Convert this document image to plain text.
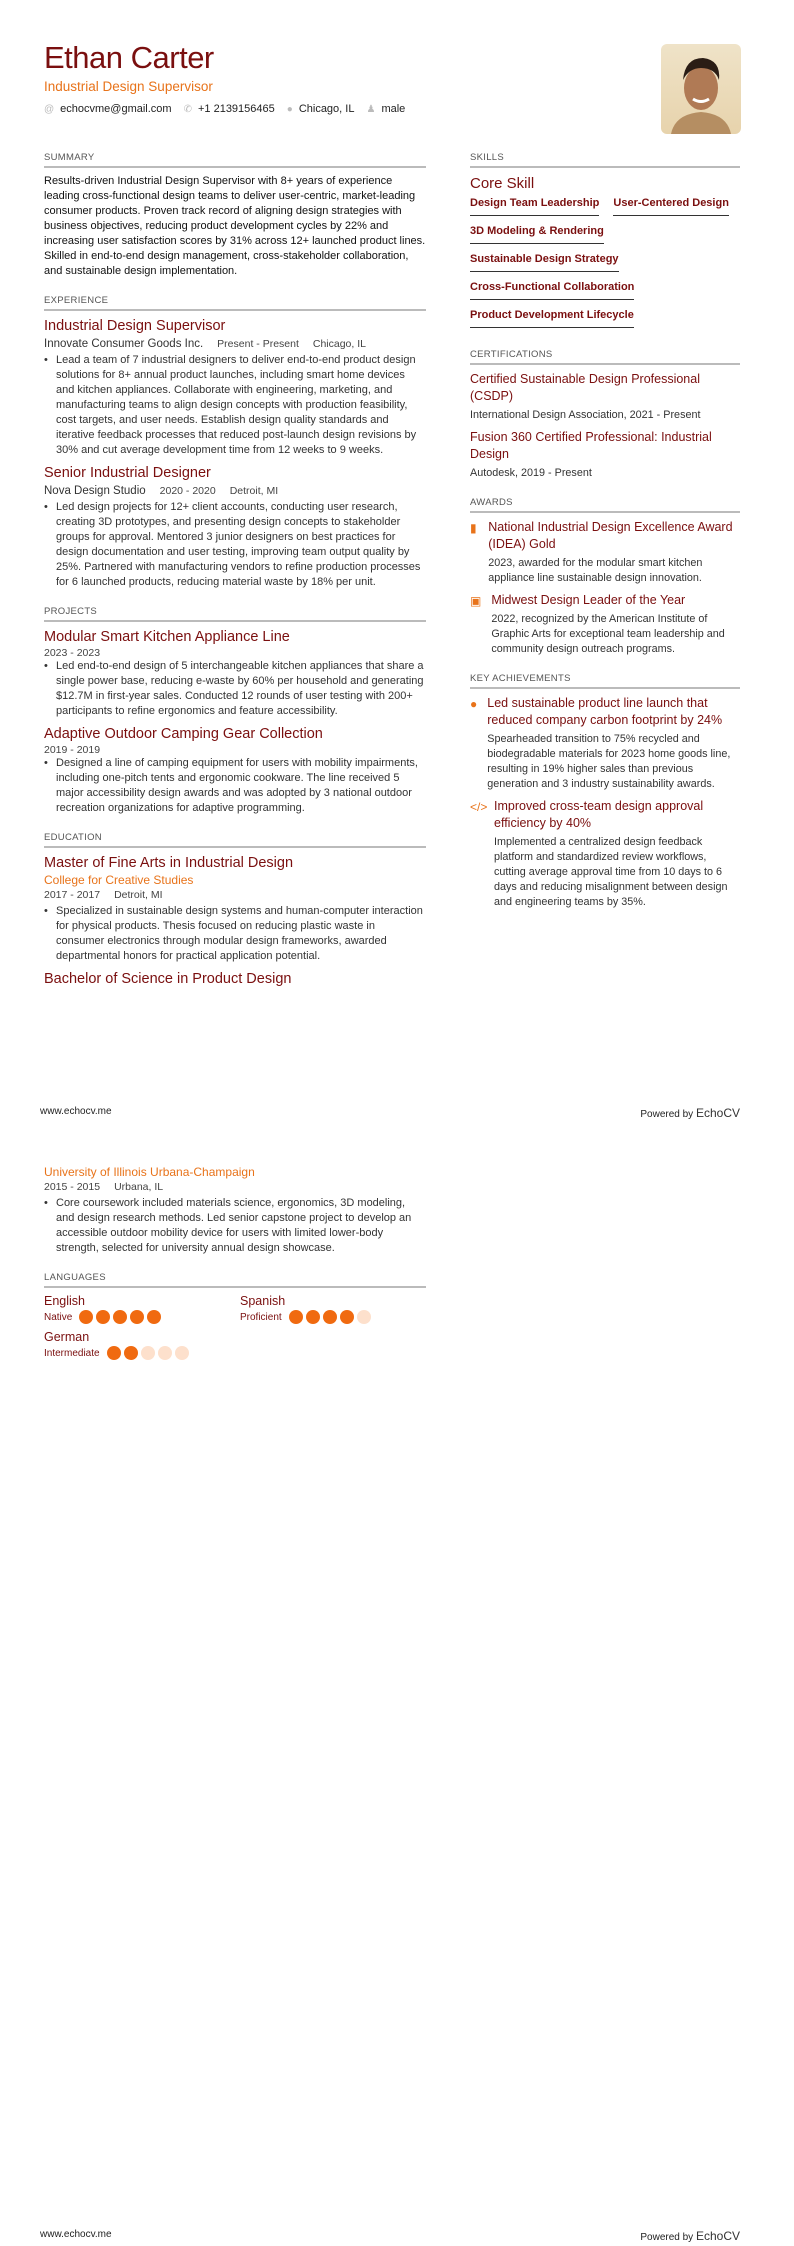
Ethan Carter
Industrial Design Supervisor
@ echocvme@gmail.com ✆ +1 2139156465 ● Chicago, IL ♟ male
SUMMARY
Results-driven Industrial Design Supervisor with 8+ years of experience leading cross-functional design teams to deliver user-centric, market-leading consumer products. Proven track record of aligning design strategies with business objectives, reducing product development cycles by 22% and increasing user satisfaction scores by 31% across 12+ launched product lines. Skilled in end-to-end design management, cross-stakeholder collaboration, and sustainable design implementation.
EXPERIENCE
Industrial Design Supervisor
Innovate Consumer Goods Inc. Present - Present Chicago, IL
• Lead a team of 7 industrial designers to deliver end-to-end product design solutions for 8+ annual product launches, including smart home devices and kitchen appliances. Collaborate with engineering, marketing, and manufacturing teams to align design concepts with production feasibility, cost targets, and user needs. Establish design quality standards and iterative feedback processes that reduced post-launch design revisions by 30% and cut average development time from 12 weeks to 9 weeks.
Senior Industrial Designer
Nova Design Studio 2020 - 2020 Detroit, MI
• Led design projects for 12+ client accounts, conducting user research, creating 3D prototypes, and presenting design concepts to stakeholder groups for approval. Mentored 3 junior designers on best practices for design documentation and user testing, improving team output quality by 25%. Partnered with manufacturing vendors to refine production processes for 6 launched products, reducing material waste by 18% per unit.
PROJECTS
Modular Smart Kitchen Appliance Line
2023 - 2023
• Led end-to-end design of 5 interchangeable kitchen appliances that share a single power base, reducing e-waste by 60% per household and generating $12.7M in first-year sales. Conducted 12 rounds of user testing with 200+ participants to refine ergonomics and feature accessibility.
Adaptive Outdoor Camping Gear Collection
2019 - 2019
• Designed a line of camping equipment for users with mobility impairments, including one-pitch tents and ergonomic cookware. The line received 5 major accessibility design awards and was adopted by 3 national outdoor recreation organizations for adaptive programming.
EDUCATION
Master of Fine Arts in Industrial Design
College for Creative Studies
2017 - 2017 Detroit, MI
• Specialized in sustainable design systems and human-computer interaction for physical products. Thesis focused on reducing plastic waste in consumer electronics through modular design frameworks, awarded departmental honors for practical application potential.
Bachelor of Science in Product Design
SKILLS
Core Skill
Design Team Leadership User-Centered Design
3D Modeling & Rendering
Sustainable Design Strategy
Cross-Functional Collaboration
Product Development Lifecycle
CERTIFICATIONS
Certified Sustainable Design Professional (CSDP)
International Design Association, 2021 - Present
Fusion 360 Certified Professional: Industrial Design
Autodesk, 2019 - Present
AWARDS
▮ National Industrial Design Excellence Award (IDEA) Gold
2023, awarded for the modular smart kitchen appliance line sustainable design innovation.
▣ Midwest Design Leader of the Year
2022, recognized by the American Institute of Graphic Arts for exceptional team leadership and community design outreach programs.
KEY ACHIEVEMENTS
● Led sustainable product line launch that reduced company carbon footprint by 24%
Spearheaded transition to 75% recycled and biodegradable materials for 2023 home goods line, resulting in 19% higher sales than previous generation and 3 industry sustainability awards.
</> Improved cross-team design approval efficiency by 40%
Implemented a centralized design feedback platform and standardized review workflows, cutting average approval time from 10 days to 6 days and reducing misalignment between design and engineering teams by 35%.
www.echocv.me	Powered by EchoCV
University of Illinois Urbana-Champaign
2015 - 2015 Urbana, IL
• Core coursework included materials science, ergonomics, 3D modeling, and design research methods. Led senior capstone project to develop an accessible outdoor mobility device for users with limited lower-body strength, selected for university annual design showcase.
LANGUAGES
English
Native
Spanish
Proficient
German
Intermediate
www.echocv.me	Powered by EchoCV
